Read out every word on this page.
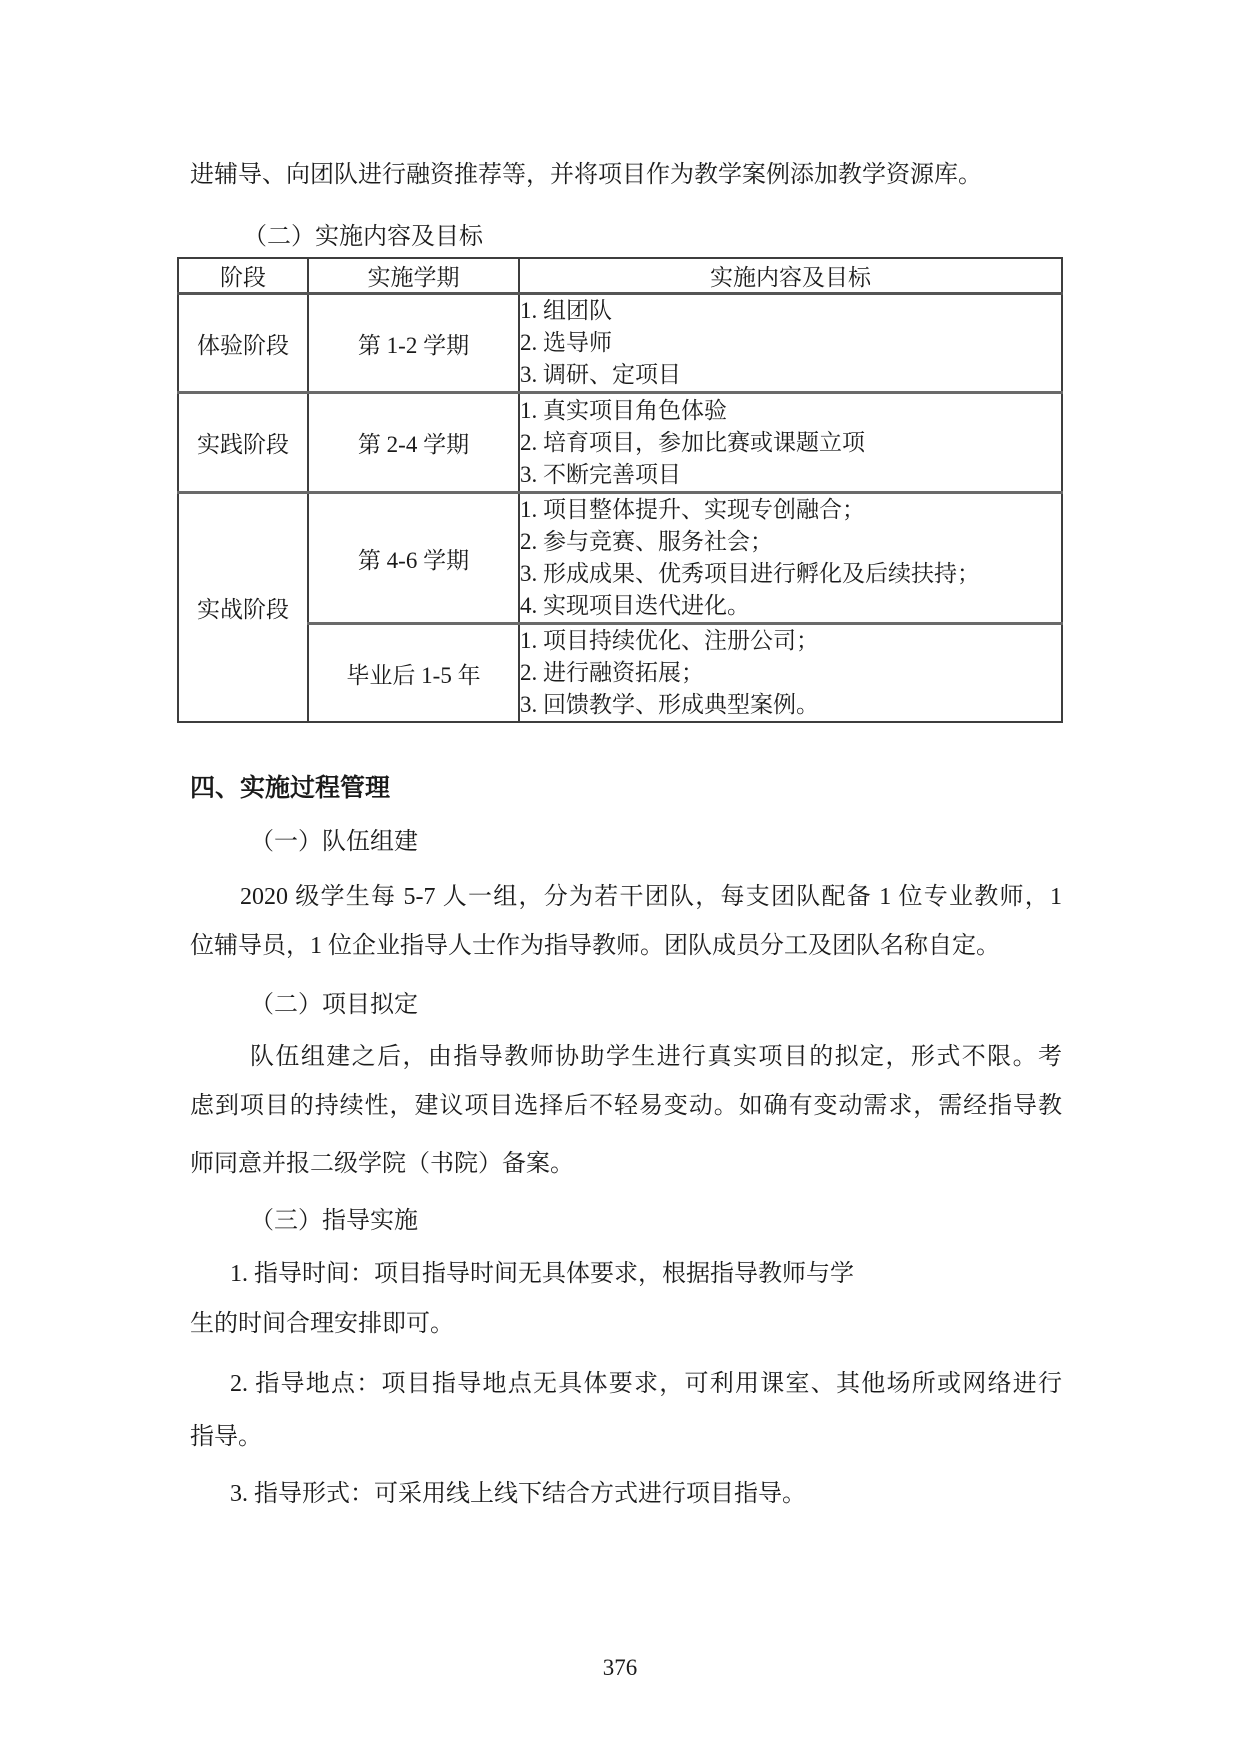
进辅导、向团队进行融资推荐等，并将项目作为教学案例添加教学资源库。
（二）实施内容及目标
阶段	实施学期	实施内容及目标
体验阶段	第 1-2 学期	1. 组团队
2. 选导师
3. 调研、定项目

实践阶段	第 2-4 学期	1. 真实项目角色体验
2. 培育项目，参加比赛或课题立项
3. 不断完善项目

实战阶段	第 4-6 学期	1. 项目整体提升、实现专创融合；
2. 参与竞赛、服务社会；
3. 形成成果、优秀项目进行孵化及后续扶持；
4. 实现项目迭代进化。

	毕业后 1-5 年	1. 项目持续优化、注册公司；
2. 进行融资拓展；
3. 回馈教学、形成典型案例。
四、实施过程管理
（一）队伍组建
2020 级学生每 5-7 人一组，分为若干团队，每支团队配备 1 位专业教师，1
位辅导员，1 位企业指导人士作为指导教师。团队成员分工及团队名称自定。
（二）项目拟定
队伍组建之后，由指导教师协助学生进行真实项目的拟定，形式不限。考
虑到项目的持续性，建议项目选择后不轻易变动。如确有变动需求，需经指导教
师同意并报二级学院（书院）备案。
（三）指导实施
1. 指导时间：项目指导时间无具体要求，根据指导教师与学
生的时间合理安排即可。
2. 指导地点：项目指导地点无具体要求，可利用课室、其他场所或网络进行
指导。
3. 指导形式：可采用线上线下结合方式进行项目指导。
376
